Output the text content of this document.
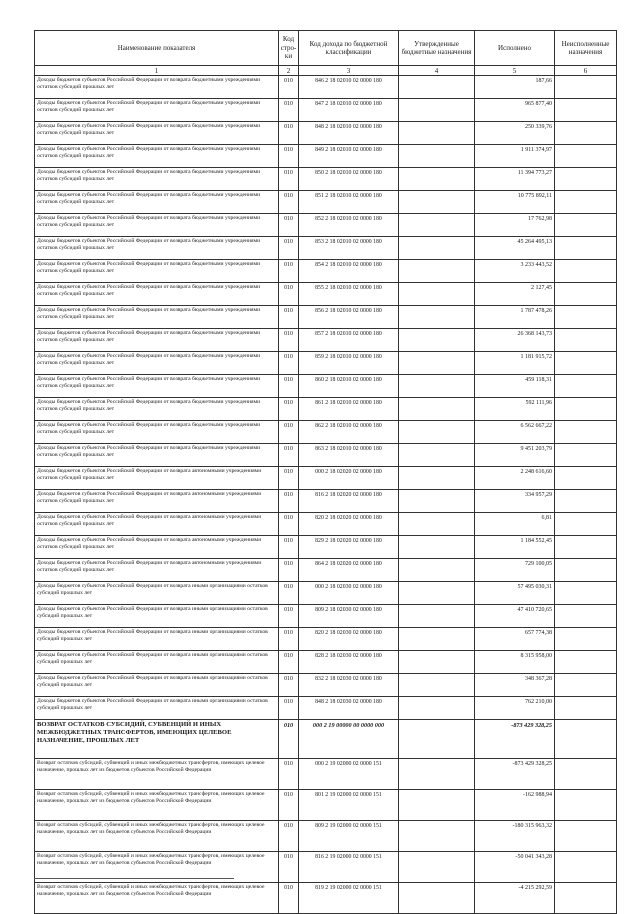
Наименование показателя	Код стро- ки	Код дохода по бюджетной классификации	Утвержденные бюджетные назначения	Исполнено	Неисполненные назначения
1	2	3	4	5	6
Доходы бюджетов субъектов Российской Федерации от возврата бюджетными учреждениями остатков субсидий прошлых лет	010	846 2 18 02010 02 0000 180		187,66	
Доходы бюджетов субъектов Российской Федерации от возврата бюджетными учреждениями остатков субсидий прошлых лет	010	847 2 18 02010 02 0000 180		965 877,40	
Доходы бюджетов субъектов Российской Федерации от возврата бюджетными учреждениями остатков субсидий прошлых лет	010	848 2 18 02010 02 0000 180		250 339,76	
Доходы бюджетов субъектов Российской Федерации от возврата бюджетными учреждениями остатков субсидий прошлых лет	010	849 2 18 02010 02 0000 180		1 911 374,97	
Доходы бюджетов субъектов Российской Федерации от возврата бюджетными учреждениями остатков субсидий прошлых лет	010	850 2 18 02010 02 0000 180		11 394 773,27	
Доходы бюджетов субъектов Российской Федерации от возврата бюджетными учреждениями остатков субсидий прошлых лет	010	851 2 18 02010 02 0000 180		10 775 892,11	
Доходы бюджетов субъектов Российской Федерации от возврата бюджетными учреждениями остатков субсидий прошлых лет	010	852 2 18 02010 02 0000 180		17 762,98	
Доходы бюджетов субъектов Российской Федерации от возврата бюджетными учреждениями остатков субсидий прошлых лет	010	853 2 18 02010 02 0000 180		45 264 495,13	
Доходы бюджетов субъектов Российской Федерации от возврата бюджетными учреждениями остатков субсидий прошлых лет	010	854 2 18 02010 02 0000 180		3 233 443,52	
Доходы бюджетов субъектов Российской Федерации от возврата бюджетными учреждениями остатков субсидий прошлых лет	010	855 2 18 02010 02 0000 180		2 127,45	
Доходы бюджетов субъектов Российской Федерации от возврата бюджетными учреждениями остатков субсидий прошлых лет	010	856 2 18 02010 02 0000 180		1 787 478,26	
Доходы бюджетов субъектов Российской Федерации от возврата бюджетными учреждениями остатков субсидий прошлых лет	010	857 2 18 02010 02 0000 180		26 368 143,73	
Доходы бюджетов субъектов Российской Федерации от возврата бюджетными учреждениями остатков субсидий прошлых лет	010	859 2 18 02010 02 0000 180		1 181 915,72	
Доходы бюджетов субъектов Российской Федерации от возврата бюджетными учреждениями остатков субсидий прошлых лет	010	860 2 18 02010 02 0000 180		459 118,31	
Доходы бюджетов субъектов Российской Федерации от возврата бюджетными учреждениями остатков субсидий прошлых лет	010	861 2 18 02010 02 0000 180		592 111,96	
Доходы бюджетов субъектов Российской Федерации от возврата бюджетными учреждениями остатков субсидий прошлых лет	010	862 2 18 02010 02 0000 180		6 562 667,22	
Доходы бюджетов субъектов Российской Федерации от возврата бюджетными учреждениями остатков субсидий прошлых лет	010	863 2 18 02010 02 0000 180		9 451 203,79	
Доходы бюджетов субъектов Российской Федерации от возврата автономными учреждениями остатков субсидий прошлых лет	010	000 2 18 02020 02 0000 180		2 248 616,60	
Доходы бюджетов субъектов Российской Федерации от возврата автономными учреждениями остатков субсидий прошлых лет	010	816 2 18 02020 02 0000 180		334 957,29	
Доходы бюджетов субъектов Российской Федерации от возврата автономными учреждениями остатков субсидий прошлых лет	010	820 2 18 02020 02 0000 180		6,81	
Доходы бюджетов субъектов Российской Федерации от возврата автономными учреждениями остатков субсидий прошлых лет	010	829 2 18 02020 02 0000 180		1 184 552,45	
Доходы бюджетов субъектов Российской Федерации от возврата автономными учреждениями остатков субсидий прошлых лет	010	864 2 18 02020 02 0000 180		729 100,05	
Доходы бюджетов субъектов Российской Федерации от возврата иными организациями остатков субсидий прошлых лет	010	000 2 18 02030 02 0000 180		57 495 030,31	
Доходы бюджетов субъектов Российской Федерации от возврата иными организациями остатков субсидий прошлых лет	010	809 2 18 02030 02 0000 180		47 410 720,65	
Доходы бюджетов субъектов Российской Федерации от возврата иными организациями остатков субсидий прошлых лет	010	820 2 18 02030 02 0000 180		657 774,38	
Доходы бюджетов субъектов Российской Федерации от возврата иными организациями остатков субсидий прошлых лет	010	828 2 18 02030 02 0000 180		8 315 958,00	
Доходы бюджетов субъектов Российской Федерации от возврата иными организациями остатков субсидий прошлых лет	010	832 2 18 02030 02 0000 180		348 367,28	
Доходы бюджетов субъектов Российской Федерации от возврата иными организациями остатков субсидий прошлых лет	010	848 2 18 02030 02 0000 180		762 210,00	
ВОЗВРАТ ОСТАТКОВ СУБСИДИЙ, СУБВЕНЦИЙ И ИНЫХ МЕЖБЮДЖЕТНЫХ ТРАНСФЕРТОВ, ИМЕЮЩИХ ЦЕЛЕВОЕ НАЗНАЧЕНИЕ, ПРОШЛЫХ ЛЕТ	010	000 2 19 00000 00 0000 000		-873 429 328,25	
Возврат остатков субсидий, субвенций и иных межбюджетных трансфертов, имеющих целевое назначение, прошлых лет из бюджетов субъектов Российской Федерации	010	000 2 19 02000 02 0000 151		-873 429 328,25	
Возврат остатков субсидий, субвенций и иных межбюджетных трансфертов, имеющих целевое назначение, прошлых лет из бюджетов субъектов Российской Федерации	010	801 2 19 02000 02 0000 151		-162 988,94	
Возврат остатков субсидий, субвенций и иных межбюджетных трансфертов, имеющих целевое назначение, прошлых лет из бюджетов субъектов Российской Федерации	010	809 2 19 02000 02 0000 151		-180 315 963,32	
Возврат остатков субсидий, субвенций и иных межбюджетных трансфертов, имеющих целевое назначение, прошлых лет из бюджетов субъектов Российской Федерации	010	816 2 19 02000 02 0000 151		-50 041 343,28	
Возврат остатков субсидий, субвенций и иных межбюджетных трансфертов, имеющих целевое назначение, прошлых лет из бюджетов субъектов Российской Федерации	010	819 2 19 02000 02 0000 151		-4 215 292,59	
